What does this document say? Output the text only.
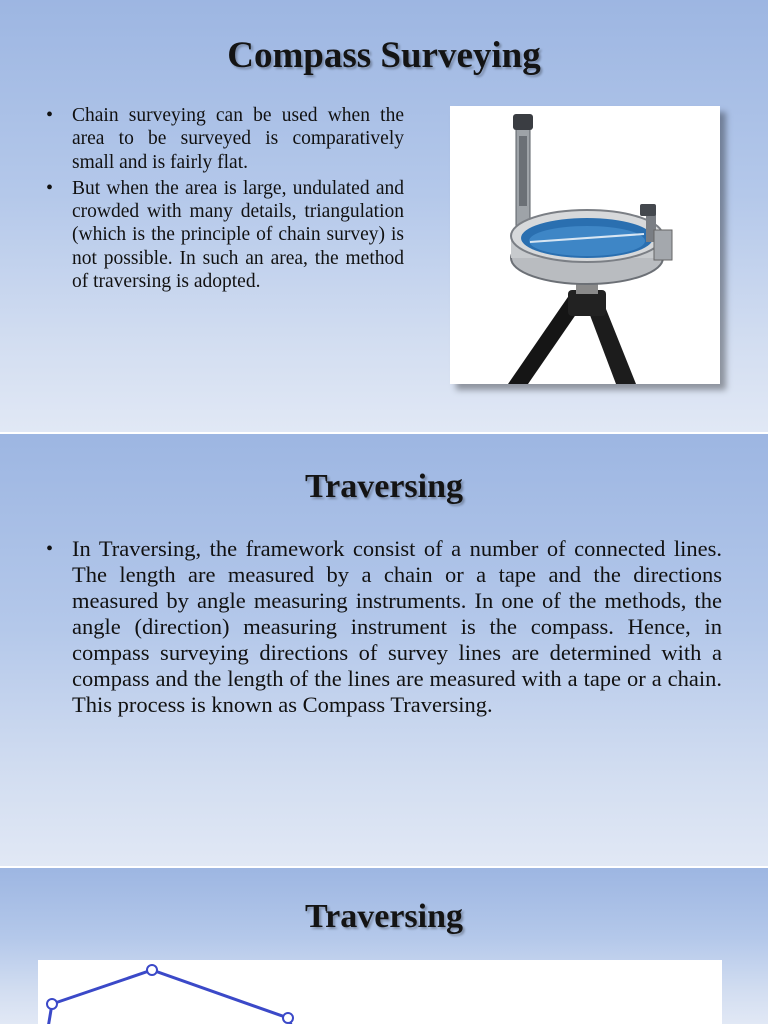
Compass Surveying
• Chain surveying can be used when the area to be surveyed is comparatively small and is fairly flat.
• But when the area is large, undulated and crowded with many details, triangulation (which is the principle of chain survey) is not possible. In such an area, the method of traversing is adopted.
Traversing
• In Traversing, the framework consist of a number of connected lines. The length are measured by a chain or a tape and the directions measured by angle measuring instruments. In one of the methods, the angle (direction) measuring instrument is the compass. Hence, in compass surveying directions of survey lines are determined with a compass and the length of the lines are measured with a tape or a chain. This process is known as Compass Traversing.
Traversing
